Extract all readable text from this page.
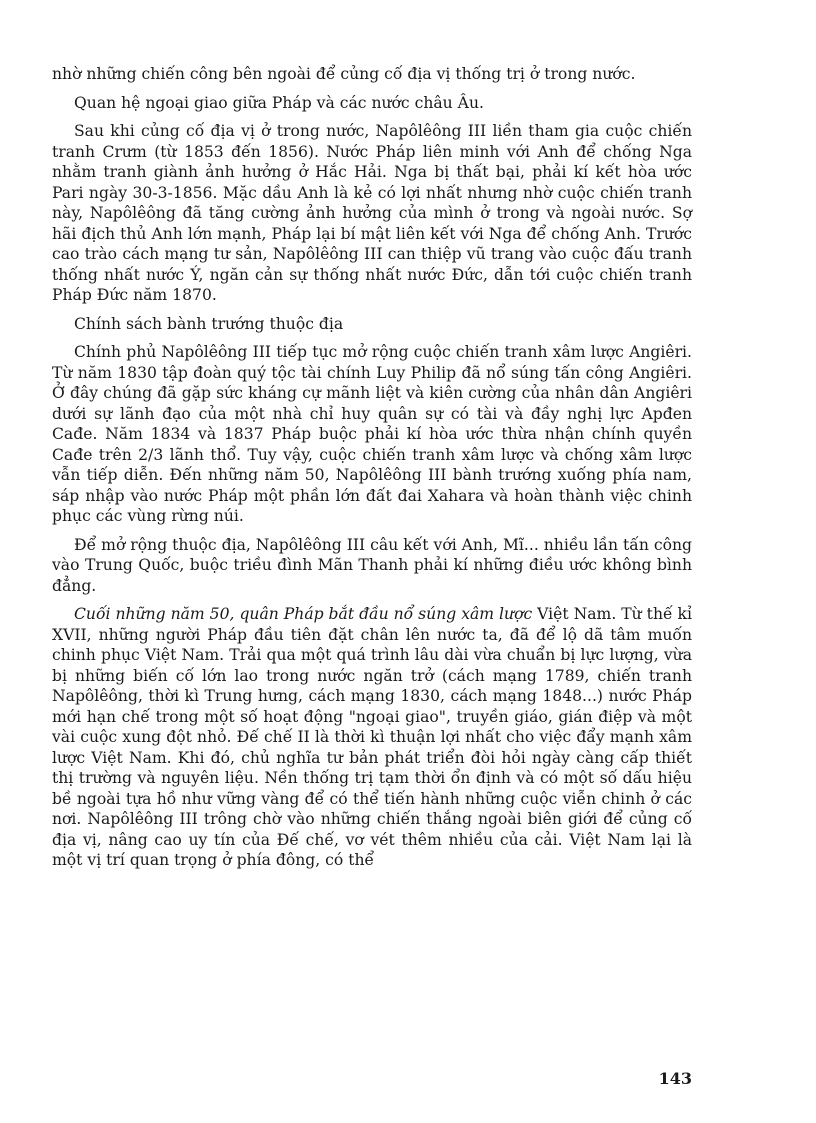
nhờ những chiến công bên ngoài để củng cố địa vị thống trị ở trong nước.

Quan hệ ngoại giao giữa Pháp và các nước châu Âu.

Sau khi củng cố địa vị ở trong nước, Napôlêông III liền tham gia cuộc chiến tranh Crưm (từ 1853 đến 1856). Nước Pháp liên minh với Anh để chống Nga nhằm tranh giành ảnh hưởng ở Hắc Hải. Nga bị thất bại, phải kí kết hòa ước Pari ngày 30-3-1856. Mặc dầu Anh là kẻ có lợi nhất nhưng nhờ cuộc chiến tranh này, Napôlêông đã tăng cường ảnh hưởng của mình ở trong và ngoài nước. Sợ hãi địch thủ Anh lớn mạnh, Pháp lại bí mật liên kết với Nga để chống Anh. Trước cao trào cách mạng tư sản, Napôlêông III can thiệp vũ trang vào cuộc đấu tranh thống nhất nước Ý, ngăn cản sự thống nhất nước Đức, dẫn tới cuộc chiến tranh Pháp Đức năm 1870.

Chính sách bành trướng thuộc địa

Chính phủ Napôlêông III tiếp tục mở rộng cuộc chiến tranh xâm lược Angiêri. Từ năm 1830 tập đoàn quý tộc tài chính Luy Philip đã nổ súng tấn công Angiêri. Ở đây chúng đã gặp sức kháng cự mãnh liệt và kiên cường của nhân dân Angiêri dưới sự lãnh đạo của một nhà chỉ huy quân sự có tài và đầy nghị lực Apđen Cađe. Năm 1834 và 1837 Pháp buộc phải kí hòa ước thừa nhận chính quyền Cađe trên 2/3 lãnh thổ. Tuy vậy, cuộc chiến tranh xâm lược và chống xâm lược vẫn tiếp diễn. Đến những năm 50, Napôlêông III bành trướng xuống phía nam, sáp nhập vào nước Pháp một phần lớn đất đai Xahara và hoàn thành việc chinh phục các vùng rừng núi.

Để mở rộng thuộc địa, Napôlêông III câu kết với Anh, Mĩ... nhiều lần tấn công vào Trung Quốc, buộc triều đình Mãn Thanh phải kí những điều ước không bình đẳng.

Cuối những năm 50, quân Pháp bắt đầu nổ súng xâm lược Việt Nam. Từ thế kỉ XVII, những người Pháp đầu tiên đặt chân lên nước ta, đã để lộ dã tâm muốn chinh phục Việt Nam. Trải qua một quá trình lâu dài vừa chuẩn bị lực lượng, vừa bị những biến cố lớn lao trong nước ngăn trở (cách mạng 1789, chiến tranh Napôlêông, thời kì Trung hưng, cách mạng 1830, cách mạng 1848...) nước Pháp mới hạn chế trong một số hoạt động "ngoại giao", truyền giáo, gián điệp và một vài cuộc xung đột nhỏ. Đế chế II là thời kì thuận lợi nhất cho việc đẩy mạnh xâm lược Việt Nam. Khi đó, chủ nghĩa tư bản phát triển đòi hỏi ngày càng cấp thiết thị trường và nguyên liệu. Nền thống trị tạm thời ổn định và có một số dấu hiệu bề ngoài tựa hồ như vững vàng để có thể tiến hành những cuộc viễn chinh ở các nơi. Napôlêông III trông chờ vào những chiến thắng ngoài biên giới để củng cố địa vị, nâng cao uy tín của Đế chế, vơ vét thêm nhiều của cải. Việt Nam lại là một vị trí quan trọng ở phía đông, có thể

143
